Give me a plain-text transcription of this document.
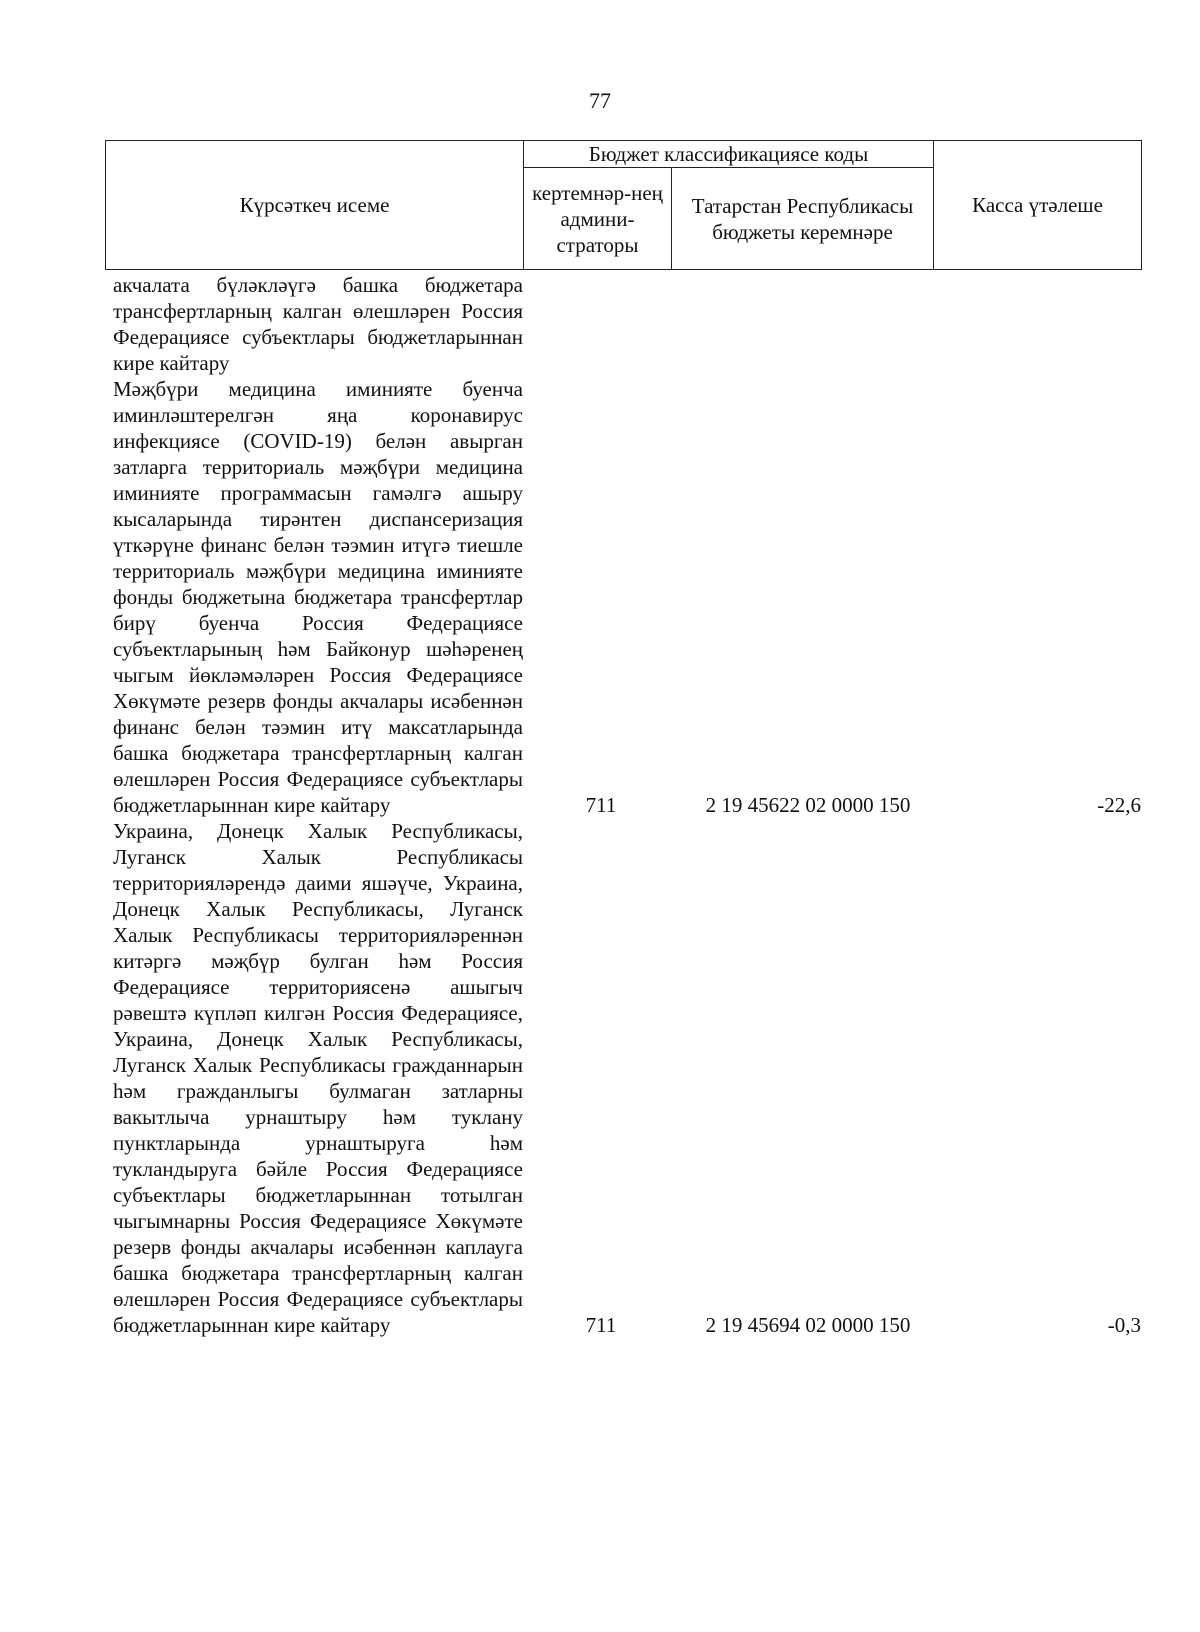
77
Күрсәткеч исеме	Бюджет классификациясе коды		Касса үтәлеше
	кертемнәр-нең админи-страторы	Татарстан Республикасы бюджеты керемнәре	
акчалата бүләкләүгә башка бюджетара трансфертларның калган өлешләрен Россия Федерациясе субъектлары бюджетларыннан кире кайтару
Мәҗбүри медицина иминияте буенча иминләштерелгән яңа коронавирус инфекциясе (COVID-19) белән авырган затларга территориаль мәҗбүри медицина иминияте программасын гамәлгә ашыру кысаларында тирәнтен диспансеризация үткәрүне финанс белән тәэмин итүгә тиешле территориаль мәҗбүри медицина иминияте фонды бюджетына бюджетара трансфертлар бирү буенча Россия Федерациясе субъектларының һәм Байконур шәһәренең чыгым йөкләмәләрен Россия Федерациясе Хөкүмәте резерв фонды акчалары исәбеннән финанс белән тәэмин итү максатларында башка бюджетара трансфертларның калган өлешләрен Россия Федерациясе субъектлары бюджетларыннан кире кайтару	711	2 19 45622 02 0000 150	-22,6
Украина, Донецк Халык Республикасы, Луганск Халык Республикасы территорияләрендә даими яшәүче, Украина, Донецк Халык Республикасы, Луганск Халык Республикасы территорияләреннән китәргә мәҗбүр булган һәм Россия Федерациясе территориясенә ашыгыч рәвештә күпләп килгән Россия Федерациясе, Украина, Донецк Халык Республикасы, Луганск Халык Республикасы гражданнарын һәм гражданлыгы булмаган затларны вакытлыча урнаштыру һәм туклану пунктларында урнаштыруга һәм тукландыруга бәйле Россия Федерациясе субъектлары бюджетларыннан тотылган чыгымнарны Россия Федерациясе Хөкүмәте резерв фонды акчалары исәбеннән каплауга башка бюджетара трансфертларның калган өлешләрен Россия Федерациясе субъектлары бюджетларыннан кире кайтару	711	2 19 45694 02 0000 150	-0,3
